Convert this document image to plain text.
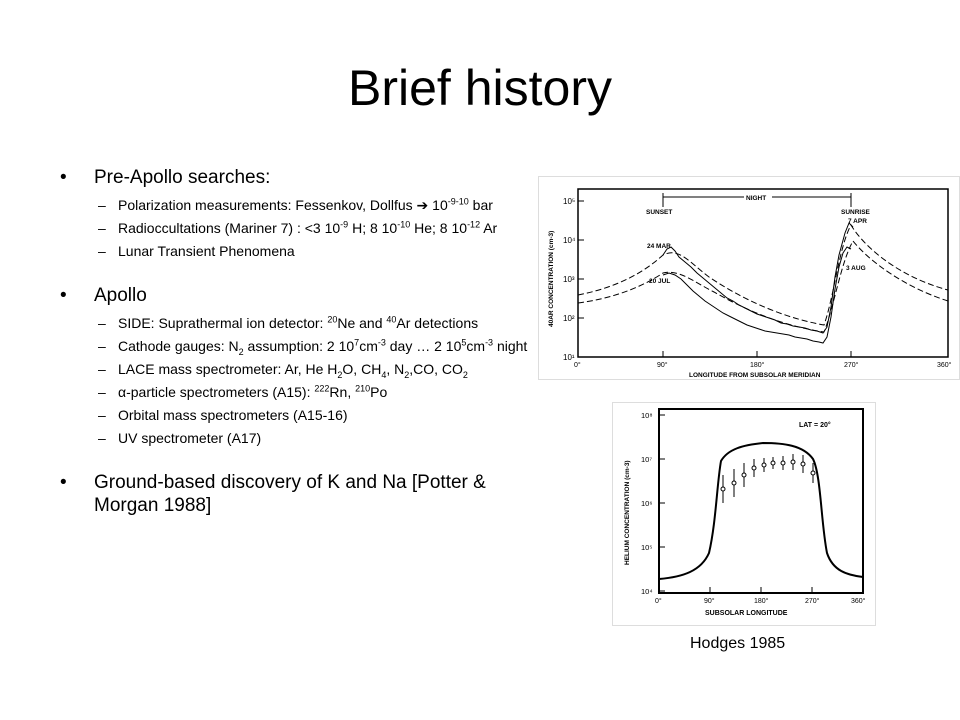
Brief history
• Pre-Apollo searches:
– Polarization measurements: Fessenkov, Dollfus ➔ $10^{-9-10}$ bar
– Radioccultations (Mariner 7) : <3 $10^{-9}$ H; 8 $10^{-10}$ He; 8 $10^{-12}$ Ar
– Lunar Transient Phenomena
• Apollo
– SIDE: Suprathermal ion detector: $^{20}$Ne and $^{40}$Ar detections
– Cathode gauges: $N_2$ assumption: 2 $10^7cm^{-3}$ day … 2 $10^5cm^{-3}$ night
– LACE mass spectrometer: Ar, He $H_2O$, $CH_4$, $N_2,CO$, $CO_2$
– α-particle spectrometers (A15): $^{222}$Rn, $^{210}$Po
– Orbital mass spectrometers (A15-16)
– UV spectrometer (A17)
• Ground-based discovery of K and Na [Potter & Morgan 1988]
10⁵
10⁴
10³
10²
10¹
0°	90°	180°	270°	360°
LONGITUDE FROM SUBSOLAR MERIDIAN
40AR CONCENTRATION (cm-3)
NIGHT
SUNSET	SUNRISE
7 APR
24 MAR
20 JUL
3 AUG
10⁸
10⁷
10⁶
10⁵
10⁴
0°	90°	180°	270°	360°
SUBSOLAR LONGITUDE
HELIUM CONCENTRATION (cm-3)
LAT = 20°
Hodges 1985
